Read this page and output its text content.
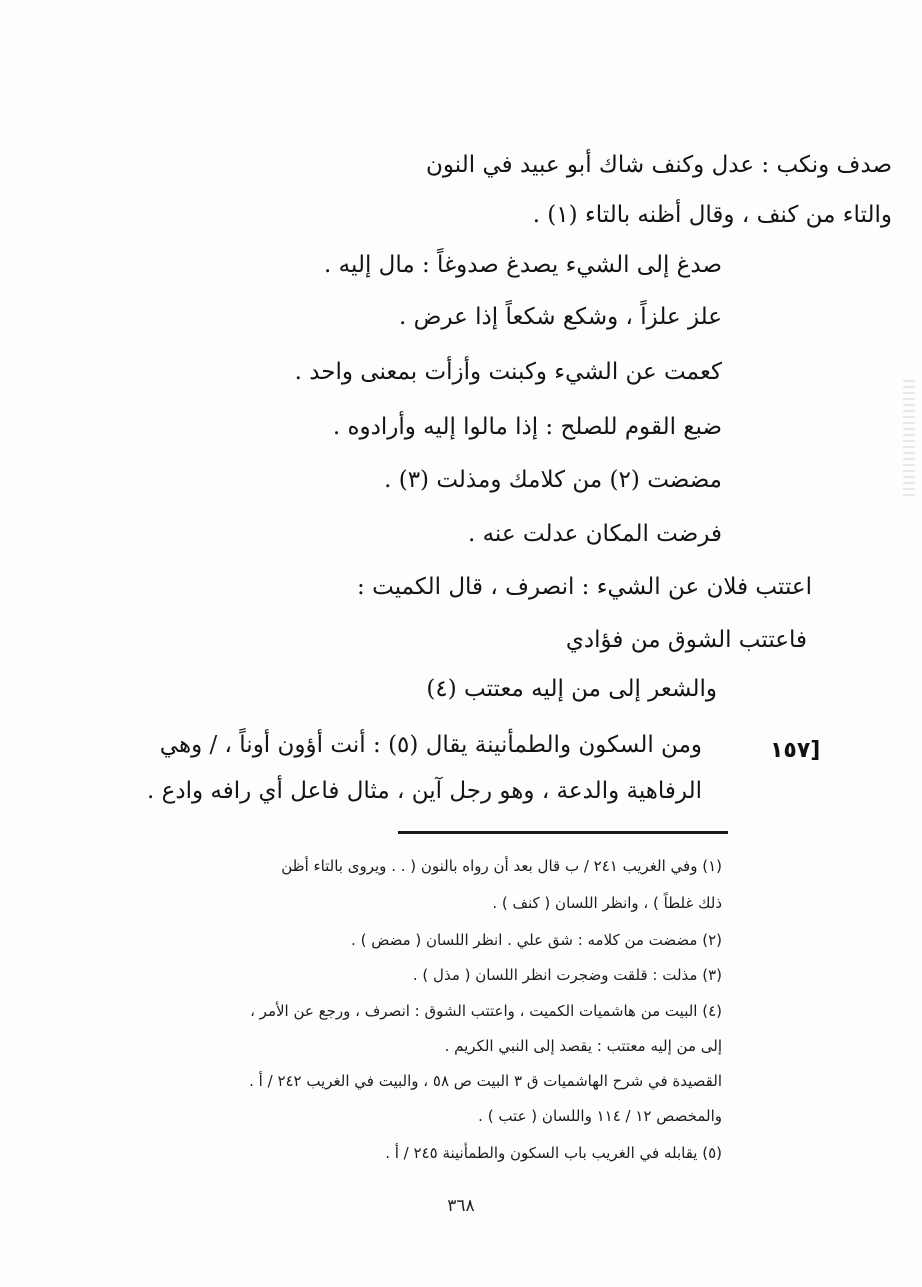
صدف ونكب : عدل وكنف شاك أبو عبيد في النون
والتاء من كنف ، وقال أظنه بالتاء (١) .
صدغ إلى الشيء يصدغ صدوغاً : مال إليه .
علز علزاً ، وشكع شكعاً إذا عرض .
كعمت عن الشيء وكبنت وأزأت بمعنى واحد .
ضبع القوم للصلح : إذا مالوا إليه وأرادوه .
مضضت (٢) من كلامك ومذلت (٣) .
فرضت المكان عدلت عنه .
اعتتب فلان عن الشيء : انصرف ، قال الكميت :
فاعتتب الشوق من فؤادي
والشعر إلى من إليه معتتب (٤)
ومن السكون والطمأنينة يقال (٥) : أنت أؤون أوناً ، / وهي
الرفاهية والدعة ، وهو رجل آين ، مثال فاعل أي رافه وادع .
١٥٧]
(١) وفي الغريب ٢٤١ / ب قال بعد أن رواه بالنون ( . . ويروى بالتاء أظن
ذلك غلطاً ) ، وانظر اللسان ( كنف ) .
(٢) مضضت من كلامه : شق علي . انظر اللسان ( مضض ) .
(٣) مذلت : قلقت وضجرت انظر اللسان ( مذل ) .
(٤) البيت من هاشميات الكميت ، واعتتب الشوق : انصرف ، ورجع عن الأمر ،
إلى من إليه معتتب : يقصد إلى النبي الكريم .
القصيدة في شرح الهاشميات ق ٣ البيت ص ٥٨ ، والبيت في الغريب ٢٤٢ / أ .
والمخصص ١٢ / ١١٤ واللسان ( عتب ) .
(٥) يقابله في الغريب باب السكون والطمأنينة ٢٤٥ / أ .
٣٦٨
